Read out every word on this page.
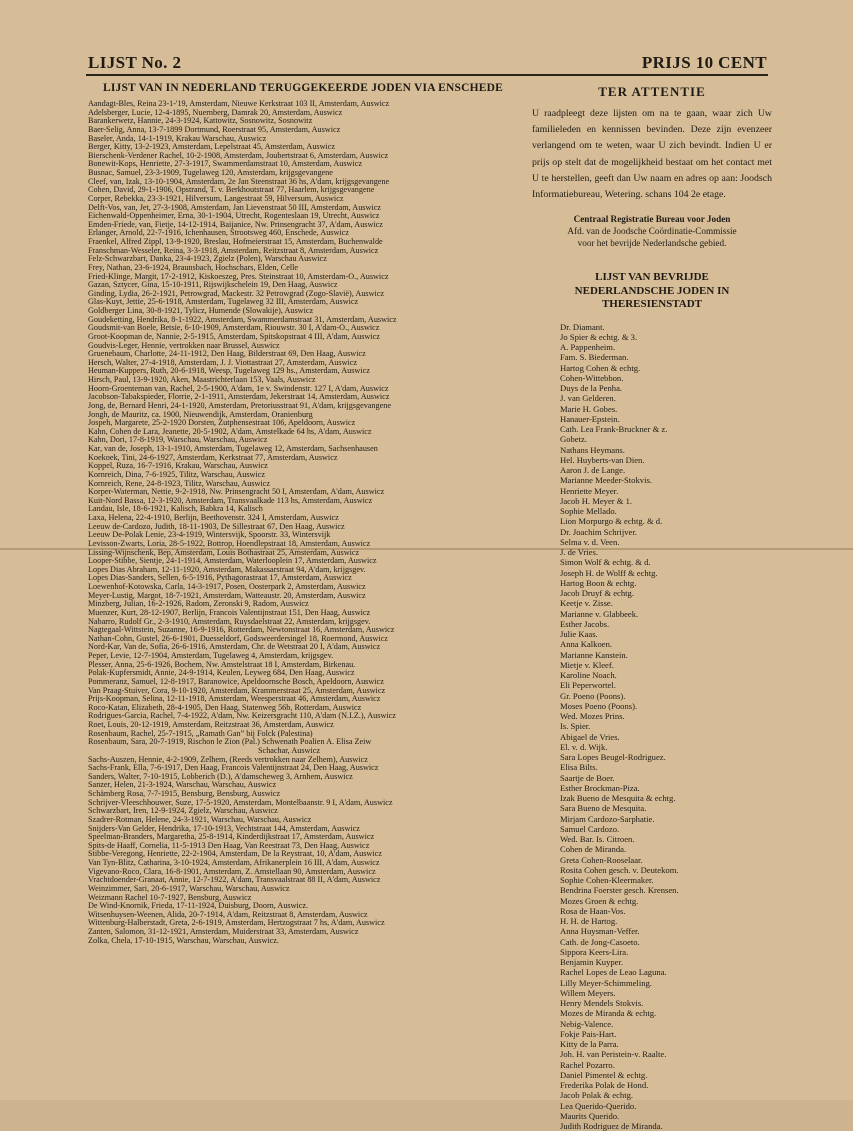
LIJST No. 2	PRIJS 10 CENT
LIJST VAN IN NEDERLAND TERUGGEKEERDE JODEN VIA ENSCHEDE
Aandagt-Bles, Reina 23-1-'19, Amsterdam, Nieuwe Kerkstraat 103 II, Amsterdam, Auswicz
Adelsberger, Lucie, 12-4-1895, Nuernberg, Damrak 20, Amsterdam, Auswicz
Barankerwetz, Hannie, 24-3-1924, Kattowitz, Sosnowitz, Sosnowitz
Baer-Selig, Anna, 13-7-1899 Dortmund, Roerstraat 95, Amsterdam, Auswicz
Baseler, Anda, 14-1-1919, Krakau Warschau, Auswicz
Berger, Kitty, 13-2-1923, Amsterdam, Lepelstraat 45, Amsterdam, Auswicz
Bierschenk-Verdener Rachel, 10-2-1908, Amsterdam, Joubertstraat 6, Amsterdam, Auswicz
Bonewit-Kops, Henriette, 27-3-1917, Swammerdamstraat 10, Amsterdam, Auswicz
Busnac, Samuel, 23-3-1909, Tugelaweg 120, Amsterdam, krijgsgevangene
Cleef, van, Izak, 13-10-1904, Amsterdam, 2e Jan Steenstraat 36 hs, A'dam, krijgsgevangene
Cohen, David, 29-1-1906, Opstrand, T. v. Berkhoutstraat 77, Haarlem, krijgsgevangene
Corper, Rebekka, 23-3-1921, Hilversum, Langestraat 59, Hilversum, Auswicz
Delft-Vos, van, Jet, 27-3-1908, Amsterdam, Jan Lievenstraat 50 III, Amsterdam, Auswicz
Eichenwald-Oppenheimer, Erna, 30-1-1904, Utrecht, Rogenteslaan 19, Utrecht, Auswicz
Emden-Friede, van, Fietje, 14-12-1914, Baijanice, Nw. Prinsengracht 37, A'dam, Auswicz
Erlanger, Arnold, 22-7-1916, Ichenhausen, Strootsweg 460, Enschede, Auswicz
Fraenkel, Alfred Zippl, 13-9-1920, Breslau, Hofmeierstraat 15, Amsterdam, Buchenwalde
Franschman-Wesseler, Reina, 3-3-1918, Amsterdam, Reitzstraat 8, Amsterdam, Auswicz
Felz-Schwarzbart, Danka, 23-4-1923, Zgielz (Polen), Warschau Auswicz
Frey, Nathan, 23-6-1924, Braunsbach, Hochschars, Elden, Celle
Fried-Klinge, Margit, 17-2-1912, Kiskoeszeg, Pres. Steinstraat 10, Amsterdam-O., Auswicz
Gazan, Sztycer, Gina, 15-10-1911, Rijswijkschelein 19, Den Haag, Auswicz
Ginding, Lydia, 26-2-1921, Petrowgrad, Mackestr. 32 Petrowgrad (Zogo-Slavië), Auswicz
Glas-Kuyt, Jettie, 25-6-1918, Amsterdam, Tugelaweg 32 III, Amsterdam, Auswicz
Goldberger Lina, 30-8-1921, Tylicz, Humende (Slowakije), Auswicz
Goudeketting, Hendrika, 8-1-1922, Amsterdam, Swammerdamstraat 31, Amsterdam, Auswicz
Goudsmit-van Boele, Betsie, 6-10-1909, Amsterdam, Riouwstr. 30 I, A'dam-O., Auswicz
Groot-Koopman de, Nannie, 2-5-1915, Amsterdam, Spitskopstraat 4 III, A'dam, Auswicz
Goudvis-Leger, Hennie, vertrokken naar Brussel, Auswicz
Gruenebaum, Charlotte, 24-11-1912, Den Haag, Bilderstraat 69, Den Haag, Auswicz
Hersch, Walter, 27-4-1918, Amsterdam, J. J. Viottastraat 27, Amsterdam, Auswicz
Heuman-Kuppers, Ruth, 20-6-1918, Weesp, Tugelaweg 129 hs., Amsterdam, Auswicz
Hirsch, Paul, 13-9-1920, Aken, Maastrichterlaan 153, Vaals, Auswicz
Hoorn-Groenteman van, Rachel, 2-5-1900, A'dam, 1e v. Swindenstr. 127 I, A'dam, Auswicz
Jacobson-Tabakspieder, Florrie, 2-1-1911, Amsterdam, Jekerstraat 14, Amsterdam, Auswicz
Jong, de, Bernard Henri, 24-1-1920, Amsterdam, Pretoriusstraat 91, A'dam, krijgsgevangene
Jongh, de Mauritz, ca. 1900, Nieuwendijk, Amsterdam, Oranienburg
Jospeh, Margarete, 25-2-1920 Dorsten, Zutphensestraat 106, Apeldoorn, Auswicz
Kahn, Cohen de Lara, Jeanette, 20-5-1902, A'dam, Amstelkade 64 hs, A'dam, Auswicz
Kahn, Dori, 17-8-1919, Warschau, Warschau, Auswicz
Kar, van de, Joseph, 13-1-1910, Amsterdam, Tugelaweg 12, Amsterdam, Sachsenhausen
Koekoek, Tini, 24-6-1927, Amsterdam, Kerkstraat 77, Amsterdam, Auswicz
Koppel, Ruza, 16-7-1916, Krakau, Warschau, Auswicz
Kornreich, Dina, 7-6-1925, Tilitz, Warschau, Auswicz
Kornreich, Rene, 24-8-1923, Tilitz, Warschau, Auswicz
Korper-Waterman, Nettie, 9-2-1918, Nw. Prinsengracht 50 I, Amsterdam, A'dam, Auswicz
Kuit-Nord Bassa, 12-3-1920, Amsterdam, Transvaalkade 113 hs, Amsterdam, Auswicz
Landau, Isle, 18-6-1921, Kalisch, Babkra 14, Kalisch
Laxa, Helena, 22-4-1910, Berlijn, Beethovenstr. 324 I, Amsterdam, Auswicz
Leeuw de-Cardozo, Judith, 18-11-1903, De Sillestraat 67, Den Haag, Auswicz
Leeuw De-Polak Lenie, 23-4-1919, Wintersvijk, Spoorstr. 33, Wintersvijk
Levisson-Zwarts, Loria, 28-5-1922, Bottrop, Hoendlepstraat 18, Amsterdam, Auswicz
Lissing-Wijnschenk, Bep, Amsterdam, Louis Bothastraat 25, Amsterdam, Auswicz
Looper-Stibbe, Sientje, 24-1-1914, Amsterdam, Waterlooplein 17, Amsterdam, Auswicz
Lopes Dias Abraham, 12-11-1920, Amsterdam, Makassarstraat 94, A'dam, krijgsgev.
Lopes Dias-Sanders, Sellen, 6-5-1916, Pythagorastraat 17, Amsterdam, Auswicz
Loewenhof-Kotowska, Carla, 14-3-1917, Posen, Oosterpark 2, Amsterdam, Auswicz
Meyer-Lustig, Margot, 18-7-1921, Amsterdam, Watteaustr. 20, Amsterdam, Auswicz
Minzberg, Julian, 16-2-1926, Radom, Zeronski 9, Radom, Auswicz
Muenzer, Kurt, 28-12-1907, Berlijn, Francois Valentijnstraat 151, Den Haag, Auswicz
Nabarro, Rudolf Gr., 2-3-1910, Amsterdam, Ruysdaelstraat 22, Amsterdam, krijgsgev.
Nagtegaal-Wittstein, Suzanne, 16-9-1916, Rotterdam, Newtonstraat 16, Amsterdam, Auswicz
Nathan-Cohn, Gustel, 26-6-1901, Duesseldorf, Godsweerdersingel 18, Roermond, Auswicz
Nord-Kar, Van de, Sofia, 26-6-1916, Amsterdam, Chr. de Wetstraat 20 I, A'dam, Auswicz
Peper, Levie, 12-7-1904, Amsterdam, Tugelaweg 4, Amsterdam, krijgsgev.
Plesser, Anna, 25-6-1926, Bochem, Nw. Amstelstraat 18 I, Amsterdam, Birkenau.
Polak-Kupfersmidt, Annie, 24-9-1914, Keulen, Leyweg 684, Den Haag, Auswicz
Pommeranz, Samuel, 12-8-1917, Baranowice, Apeldoornsche Bosch, Apeldoorn, Auswicz
Van Praag-Stuiver, Cora, 9-10-1920, Amsterdam, Krammerstraat 25, Amsterdam, Auswicz
Prijs-Koopman, Selina, 12-11-1918, Amsterdam, Weesperstraat 46, Amsterdam, Auswicz
Roco-Katan, Elizabeth, 28-4-1905, Den Haag, Statenweg 56b, Rotterdam, Auswicz
Rodrigues-Garcia, Rachel, 7-4-1922, A'dam, Nw. Keizersgracht 110, A'dam (N.I.Z.), Auswicz
Roet, Louis, 20-12-1919, Amsterdam, Reitzstraat 36, Amsterdam, Auswicz
Rosenbaum, Rachel, 25-7-1915, „Ramath Gan” bij Folck (Palestina)
Rosenbaum, Sara, 20-7-1919, Rischon le Zion (Pal.) Schwenath Poalien A. Elisa Zeiw
Schachar, Auswicz
Sachs-Auszen, Hennie, 4-2-1909, Zelhem, (Reeds vertrokken naar Zelhem), Auswicz
Sachs-Frank, Ella, 7-6-1917, Den Haag, Francois Valentijnstraat 24, Den Haag, Auswicz
Sanders, Walter, 7-10-1915, Lobberich (D.), A'damscheweg 3, Arnhem, Auswicz
Sanzer, Helen, 21-3-1924, Warschau, Warschau, Auswicz
Schämberg Rosa, 7-7-1915, Bensburg, Bensburg, Auswicz
Schrijver-Vleeschhouwer, Suze, 17-5-1920, Amsterdam, Montelbaanstr. 9 I, A'dam, Auswicz
Schwarzbart, Iren, 12-9-1924, Zgielz, Warschau, Auswicz
Szadrer-Rotman, Helene, 24-3-1921, Warschau, Warschau, Auswicz
Snijders-Van Gelder, Hendrika, 17-10-1913, Vechtstraat 144, Amsterdam, Auswicz
Speelman-Branders, Margaretha, 25-8-1914, Kinderdijkstraat 17, Amsterdam, Auswicz
Spits-de Haaff, Cornelia, 11-5-1913 Den Haag, Van Reestraat 73, Den Haag, Auswicz
Stibbe-Veregong, Henriette, 22-2-1904, Amsterdam, De la Reystraat, 10, A'dam, Auswicz
Van Tyn-Blitz, Catharina, 3-10-1924, Amsterdam, Afrikanerplein 16 III, A'dam, Auswicz
Vigevano-Roco, Clara, 16-8-1901, Amsterdam, Z. Amstellaan 90, Amsterdam, Auswicz
Vrachtdoender-Granaat, Annie, 12-7-1922, A'dam, Transvaalstraat 88 II, A'dam, Auswicz
Weinzimmer, Sari, 20-6-1917, Warschau, Warschau, Auswicz
Weizmann Rachel 10-7-1927, Bensburg, Auswicz
De Wind-Knornik, Frieda, 17-11-1924, Duisburg, Doorn, Auswicz.
Witsenhuysen-Weenen, Alida, 20-7-1914, A'dam, Reitzstraat 8, Amsterdam, Auswicz
Wittenburg-Halberstadt, Greta, 2-6-1919, Amsterdam, Hertzogstraat 7 hs, A'dam, Auswicz
Zanten, Salomon, 31-12-1921, Amsterdam, Muiderstraat 33, Amsterdam, Auswicz
Zolka, Chela, 17-10-1915, Warschau, Warschau, Auswicz.
TER ATTENTIE

U raadpleegt deze lijsten om na te gaan, waar zich Uw familieleden en kennissen bevinden. Deze zijn evenzeer verlangend om te weten, waar U zich bevindt. Indien U er prijs op stelt dat de mogelijkheid bestaat om het contact met U te herstellen, geeft dan Uw naam en adres op aan: Joodsch Informatiebureau, Wetering. schans 104 2e etage.

Centraal Registratie Bureau voor Joden
Afd. van de Joodsche Coördinatie-Commissie
voor het bevrijde Nederlandsche gebied.
LIJST VAN BEVRIJDE
NEDERLANDSCHE JODEN IN
THERESIENSTADT
Dr. Diamant.
Jo Spier & echtg. & 3.
A. Pappenheim.
Fam. S. Biederman.
Hartog Cohen & echtg.
Cohen-Wittebbon.
Duys de la Penha.
J. van Gelderen.
Marie H. Gobes.
Hanauer-Epstein.
Cath. Lea Frank-Bruckner & z.
Gobetz.
Nathans Heymans.
Hel. Huyberts-van Dien.
Aaron J. de Lange.
Marianne Meeder-Stokvis.
Henriette Meyer.
Jacob H. Meyer & 1.
Sophie Mellado.
Lion Morpurgo & echtg. & d.
Dr. Joachim Schrijver.
Selma v. d. Veen.
J. de Vries.
Simon Wolf & echtg. & d.
Joseph H. de Wolff & echtg.
Hartog Boon & echtg.
Jacob Druyf & echtg.
Keetje v. Zisse.
Marianne v. Glabbeek.
Esther Jacobs.
Julie Kaas.
Anna Kalkoen.
Marianne Kanstein.
Mietje v. Kleef.
Karoline Noach.
Eli Peperwortel.
Gr. Poeno (Poons).
Moses Poeno (Poons).
Wed. Mozes Prins.
Is. Spier.
Abigael de Vries.
El. v. d. Wijk.
Sara Lopes Beugel-Rodriguez.
Elisa Bilts.
Saartje de Boer.
Esther Brockman-Piza.
Izak Bueno de Mesquita & echtg.
Sara Bueno de Mesquita.
Mirjam Cardozo-Sarphatie.
Samuel Cardozo.
Wed. Bar. Is. Citroen.
Cohen de Miranda.
Greta Cohen-Rooselaar.
Rosita Cohen gesch. v. Deutekom.
Sophie Cohen-Kleermaker.
Bendrina Foerster gesch. Krensen.
Mozes Groen & echtg.
Rosa de Haan-Vos.
H. H. de Hartog.
Anna Huysman-Veffer.
Cath. de Jong-Casoeto.
Sippora Keers-Lira.
Benjamin Kuyper.
Rachel Lopes de Leao Laguna.
Lilly Meyer-Schimmeling.
Willem Meyers.
Henry Mendels Stokvis.
Mozes de Miranda & echtg.
Nebig-Valence.
Fokje Pais-Hart.
Kitty de la Parra.
Joh. H. van Peristein-v. Raalte.
Rachel Pozarro.
Daniel Pimentel & echtg.
Frederika Polak de Hond.
Jacob Polak & echtg.
Lea Querido-Querido.
Maurits Querido.
Judith Rodriguez de Miranda.
